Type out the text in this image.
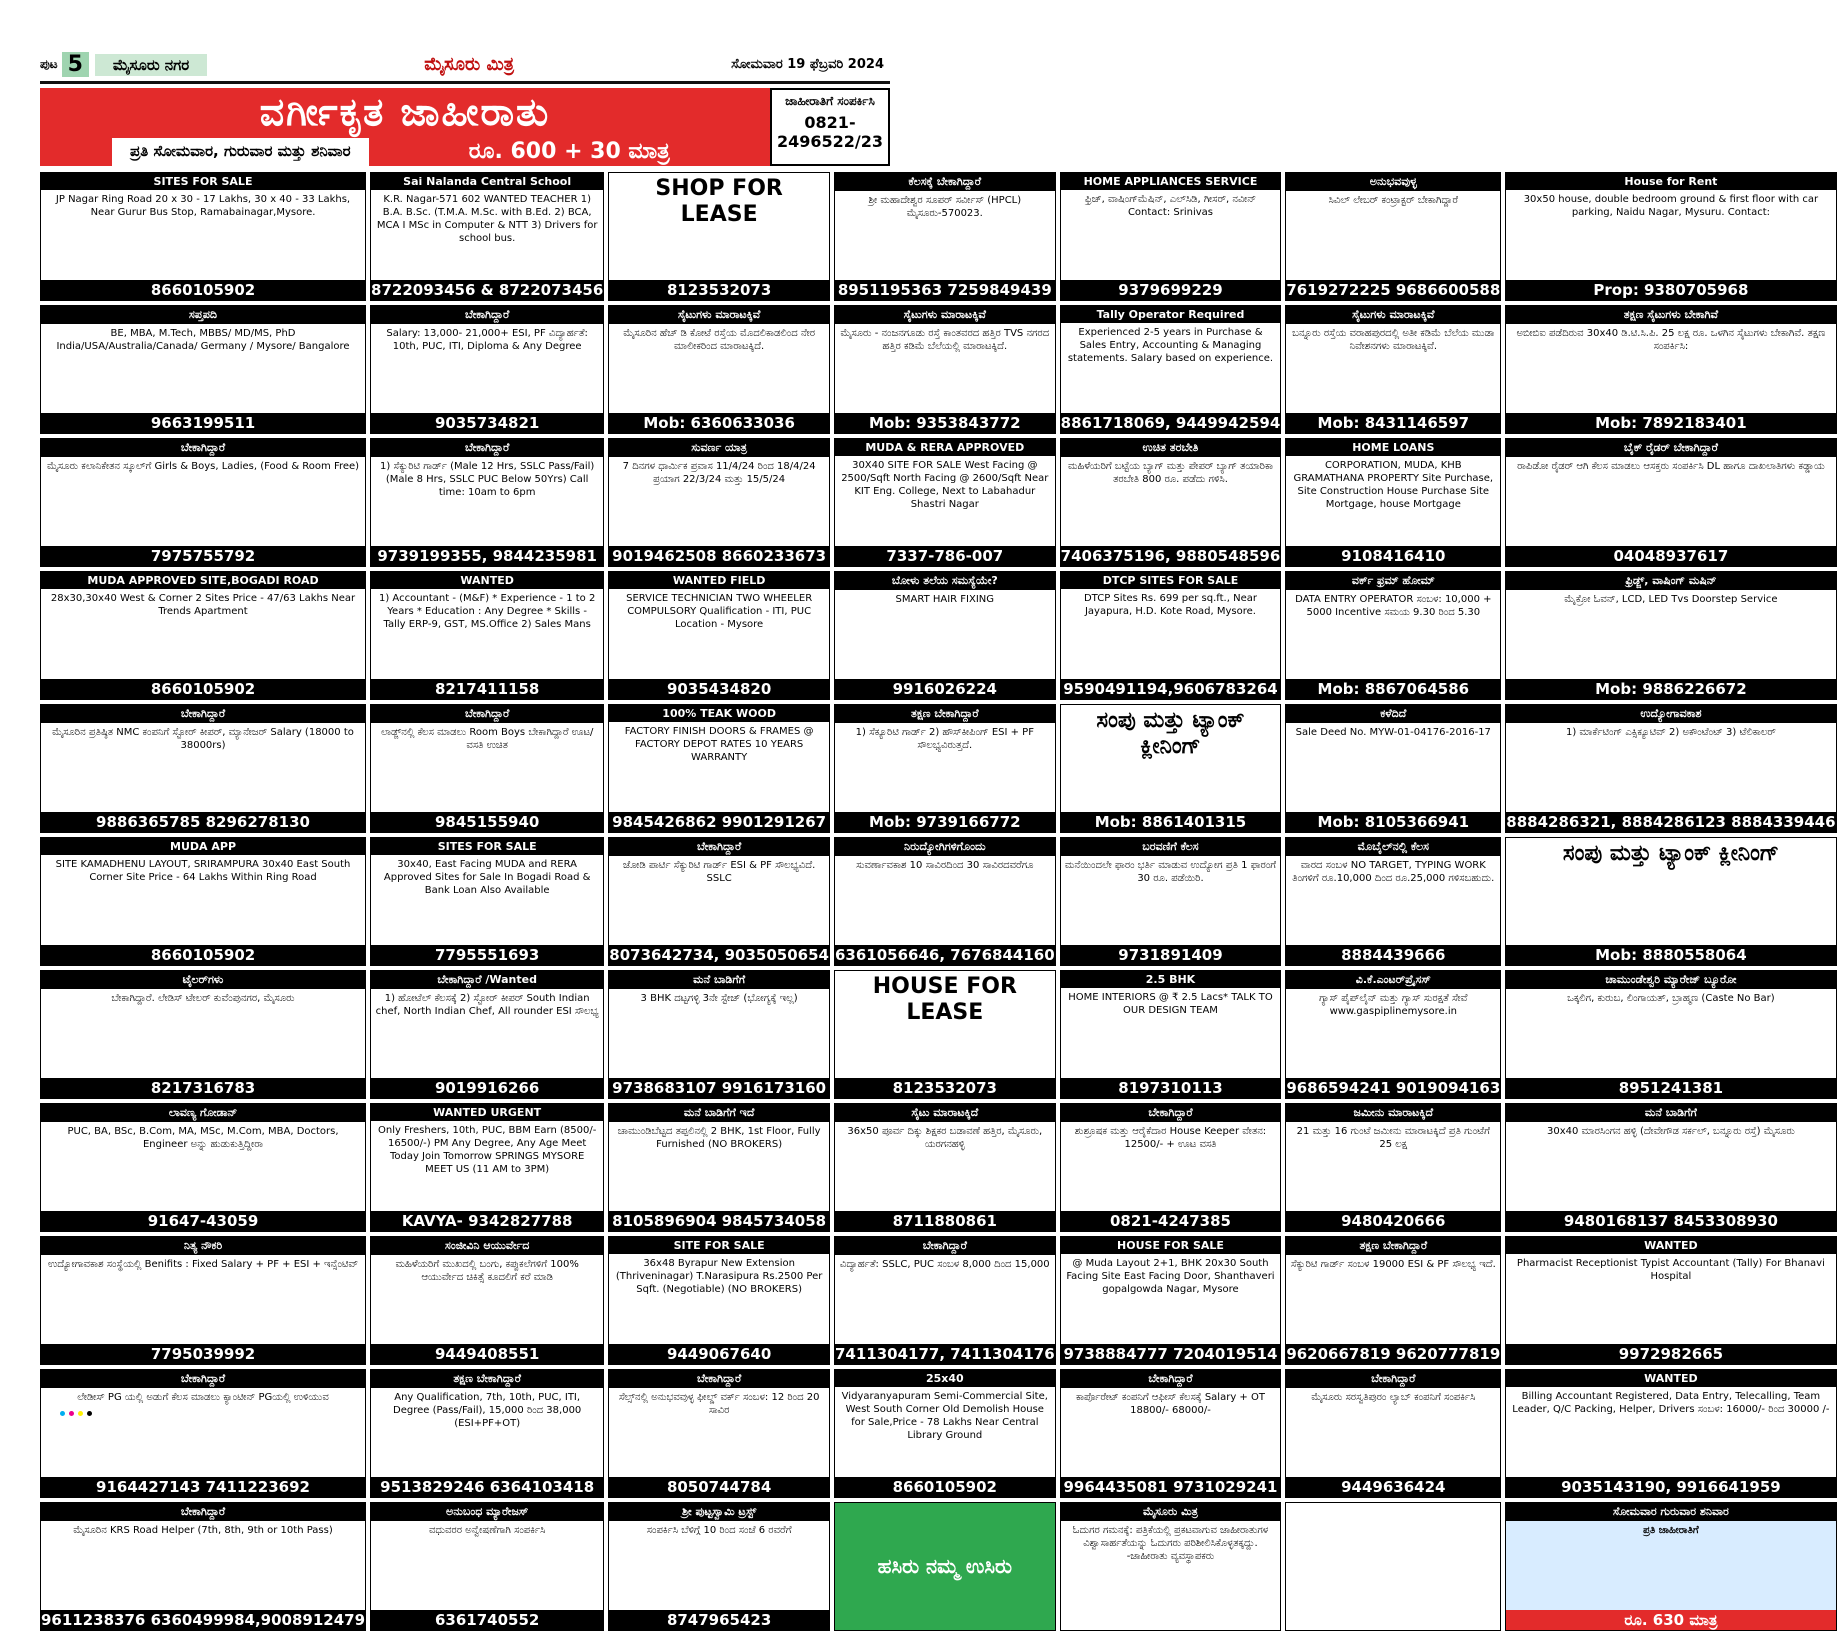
ಪುಟ 5	ಮೈಸೂರು ನಗರ	ಮೈಸೂರು ಮಿತ್ರ	ಸೋಮವಾರ 19 ಫೆಬ್ರವರಿ 2024
ವರ್ಗೀಕೃತ ಜಾಹೀರಾತು
ಪ್ರತಿ ಸೋಮವಾರ, ಗುರುವಾರ ಮತ್ತು ಶನಿವಾರ	ರೂ. 600 + 30 ಮಾತ್ರ
ಜಾಹೀರಾತಿಗೆ ಸಂಪರ್ಕಿಸಿ
0821-2496522/23
SITES FOR SALE
JP Nagar Ring Road 20 x 30 - 17 Lakhs, 30 x 40 - 33 Lakhs, Near Gurur Bus Stop, Ramabainagar,Mysore.
8660105902
Sai Nalanda Central School
K.R. Nagar-571 602 WANTED TEACHER 1) B.A. B.Sc. (T.M.A. M.Sc. with B.Ed. 2) BCA, MCA I MSc in Computer & NTT 3) Drivers for school bus.
8722093456 & 8722073456
SHOP FOR LEASE
8123532073
ಕೆಲಸಕ್ಕೆ ಬೇಕಾಗಿದ್ದಾರೆ
ಶ್ರೀ ಮಹಾದೇಶ್ವರ ಸೂಪರ್ ಸರ್ವೀಸ್ (HPCL) ಮೈಸೂರು-570023.
8951195363 7259849439
HOME APPLIANCES SERVICE
ಫ್ರಿಜ್, ವಾಷಿಂಗ್‌ಮೆಷಿನ್, ಎಲ್‌ಸಿಡಿ, ಗೀಸರ್, ನವೀನ್ Contact: Srinivas
9379699229
ಅನುಭವವುಳ್ಳ
ಸಿವಿಲ್ ಲೇಬರ್ ಕಂಟ್ರಾಕ್ಟರ್ ಬೇಕಾಗಿದ್ದಾರೆ
7619272225 9686600588
House for Rent
30x50 house, double bedroom ground & first floor with car parking, Naidu Nagar, Mysuru. Contact:
Prop: 9380705968
ಸಪ್ತಪದಿ
BE, MBA, M.Tech, MBBS/ MD/MS, PhD India/USA/Australia/Canada/ Germany / Mysore/ Bangalore
9663199511
ಬೇಕಾಗಿದ್ದಾರೆ
Salary: 13,000- 21,000+ ESI, PF ವಿದ್ಯಾರ್ಹತೆ: 10th, PUC, ITI, Diploma & Any Degree
9035734821
ಸೈಟುಗಳು ಮಾರಾಟಕ್ಕಿವೆ
ಮೈಸೂರಿನ ಹೆಚ್ ಡಿ ಕೋಟೆ ರಸ್ತೆಯ ಮೊದಲಿಕಾಡಲಿಂದ ನೇರ ಮಾಲೀಕರಿಂದ ಮಾರಾಟಕ್ಕಿದೆ.
Mob: 6360633036
ಸೈಟುಗಳು ಮಾರಾಟಕ್ಕಿವೆ
ಮೈಸೂರು - ನಂಜನಗೂಡು ರಸ್ತೆ ಕಾಂತವರದ ಹತ್ತಿರ TVS ನಗರದ ಹತ್ತಿರ ಕಡಿಮೆ ಬೆಲೆಯಲ್ಲಿ ಮಾರಾಟಕ್ಕಿದೆ.
Mob: 9353843772
Tally Operator Required
Experienced 2-5 years in Purchase & Sales Entry, Accounting & Managing statements. Salary based on experience.
8861718069, 9449942594
ಸೈಟುಗಳು ಮಾರಾಟಕ್ಕಿವೆ
ಬನ್ನೂರು ರಸ್ತೆಯ ವರಾಹಪುರದಲ್ಲಿ ಅತೀ ಕಡಿಮೆ ಬೆಲೆಯ ಮುಡಾ ನಿವೇಶನಗಳು ಮಾರಾಟಕ್ಕಿವೆ.
Mob: 8431146597
ತಕ್ಷಣ ಸೈಟುಗಳು ಬೇಕಾಗಿವೆ
ಅಬೀಬಿಐ ಪಡೆದಿರುವ 30x40 ಡಿ.ಟಿ.ಸಿ.ಪಿ. 25 ಲಕ್ಷ ರೂ. ಒಳಗಿನ ಸೈಟುಗಳು ಬೇಕಾಗಿವೆ. ತಕ್ಷಣ ಸಂಪರ್ಕಿಸಿ:
Mob: 7892183401
ಬೇಕಾಗಿದ್ದಾರೆ
ಮೈಸೂರು ಕಲಾನಿಕೇತನ ಸ್ಕೂಲ್‌ಗೆ Girls & Boys, Ladies, (Food & Room Free)
7975755792
ಬೇಕಾಗಿದ್ದಾರೆ
1) ಸೆಕ್ಯುರಿಟಿ ಗಾರ್ಡ್ (Male 12 Hrs, SSLC Pass/Fail) (Male 8 Hrs, SSLC PUC Below 50Yrs) Call time: 10am to 6pm
9739199355, 9844235981
ಸುವರ್ಣ ಯಾತ್ರ
7 ದಿನಗಳ ಧಾರ್ಮಿಕ ಪ್ರವಾಸ 11/4/24 ರಿಂದ 18/4/24 ಪ್ರಯಾಗ 22/3/24 ಮತ್ತು 15/5/24
9019462508 8660233673
MUDA & RERA APPROVED
30X40 SITE FOR SALE West Facing @ 2500/Sqft North Facing @ 2600/Sqft Near KIT Eng. College, Next to Labahadur Shastri Nagar
7337-786-007
ಉಚಿತ ತರಬೇತಿ
ಮಹಿಳೆಯರಿಗೆ ಬಟ್ಟೆಯ ಬ್ಯಾಗ್ ಮತ್ತು ಪೇಪರ್ ಬ್ಯಾಗ್ ತಯಾರಿಕಾ ತರಬೇತಿ 800 ರೂ. ಪಡೆದು ಗಳಿಸಿ.
7406375196, 9880548596
HOME LOANS
CORPORATION, MUDA, KHB GRAMATHANA PROPERTY Site Purchase, Site Construction House Purchase Site Mortgage, house Mortgage
9108416410
ಬೈಕ್ ರೈಡರ್ ಬೇಕಾಗಿದ್ದಾರೆ
ರಾಪಿಡೋ ರೈಡರ್ ಆಗಿ ಕೆಲಸ ಮಾಡಲು ಆಸಕ್ತರು ಸಂಪರ್ಕಿಸಿ DL ಹಾಗೂ ದಾಖಲಾತಿಗಳು ಕಡ್ಡಾಯ
04048937617
MUDA APPROVED SITE,BOGADI ROAD
28x30,30x40 West & Corner 2 Sites Price - 47/63 Lakhs Near Trends Apartment
8660105902
WANTED
1) Accountant - (M&F) * Experience - 1 to 2 Years * Education : Any Degree * Skills - Tally ERP-9, GST, MS.Office 2) Sales Mans
8217411158
WANTED FIELD
SERVICE TECHNICIAN TWO WHEELER COMPULSORY Qualification - ITI, PUC Location - Mysore
9035434820
ಬೋಳು ತಲೆಯ ಸಮಸ್ಯೆಯೇ?
SMART HAIR FIXING
9916026224
DTCP SITES FOR SALE
DTCP Sites Rs. 699 per sq.ft., Near Jayapura, H.D. Kote Road, Mysore.
9590491194,9606783264
ವರ್ಕ್ ಫ್ರಮ್ ಹೋಮ್
DATA ENTRY OPERATOR ಸಂಬಳ: 10,000 + 5000 Incentive ಸಮಯ 9.30 ರಿಂದ 5.30
Mob: 8867064586
ಫ್ರಿಡ್ಜ್, ವಾಷಿಂಗ್ ಮಷಿನ್
ಮೈಕ್ರೋ ಓವನ್, LCD, LED Tvs Doorstep Service
Mob: 9886226672
ಬೇಕಾಗಿದ್ದಾರೆ
ಮೈಸೂರಿನ ಪ್ರತಿಷ್ಠಿತ NMC ಕಂಪನಿಗೆ ಸ್ಟೋರ್ ಕೀಪರ್, ಮ್ಯಾನೇಜರ್ Salary (18000 to 38000rs)
9886365785 8296278130
ಬೇಕಾಗಿದ್ದಾರೆ
ಲಾಡ್ಜ್‌ನಲ್ಲಿ ಕೆಲಸ ಮಾಡಲು Room Boys ಬೇಕಾಗಿದ್ದಾರೆ ಊಟ/ವಸತಿ ಉಚಿತ
9845155940
100% TEAK WOOD
FACTORY FINISH DOORS & FRAMES @ FACTORY DEPOT RATES 10 YEARS WARRANTY
9845426862 9901291267
ತಕ್ಷಣ ಬೇಕಾಗಿದ್ದಾರೆ
1) ಸೆಕ್ಯೂರಿಟಿ ಗಾರ್ಡ್ 2) ಹೌಸ್‌ಕೀಪಿಂಗ್ ESI + PF ಸೌಲಭ್ಯವಿರುತ್ತದೆ.
Mob: 9739166772
ಸಂಪು ಮತ್ತು ಟ್ಯಾಂಕ್ ಕ್ಲೀನಿಂಗ್
Mob: 8861401315
ಕಳೆದಿದೆ
Sale Deed No. MYW-01-04176-2016-17
Mob: 8105366941
ಉದ್ಯೋಗಾವಕಾಶ
1) ಮಾರ್ಕೆಟಿಂಗ್ ಎಕ್ಸಿಕ್ಯೂಟಿವ್ 2) ಅಕೌಂಟೆಂಟ್ 3) ಟೆಲಿಕಾಲರ್
8884286321, 8884286123 8884339446
MUDA APP
SITE KAMADHENU LAYOUT, SRIRAMPURA 30x40 East South Corner Site Price - 64 Lakhs Within Ring Road
8660105902
SITES FOR SALE
30x40, East Facing MUDA and RERA Approved Sites for Sale In Bogadi Road & Bank Loan Also Available
7795551693
ಬೇಕಾಗಿದ್ದಾರೆ
ಜೋಡಿ ಪಾರ್ಟಿ ಸೆಕ್ಯುರಿಟಿ ಗಾರ್ಡ್ ESI & PF ಸೌಲಭ್ಯವಿದೆ. SSLC
8073642734, 9035050654
ನಿರುದ್ಯೋಗಿಗಳಿಗೊಂದು
ಸುವರ್ಣಾವಕಾಶ 10 ಸಾವಿರದಿಂದ 30 ಸಾವಿರದವರೆಗೂ
6361056646, 7676844160
ಬರವಣಿಗೆ ಕೆಲಸ
ಮನೆಯಿಂದಲೇ ಫಾರಂ ಭರ್ತಿ ಮಾಡುವ ಉದ್ಯೋಗ ಪ್ರತಿ 1 ಫಾರಂಗೆ 30 ರೂ. ಪಡೆಯಿರಿ.
9731891409
ಮೊಬೈಲ್‌ನಲ್ಲಿ ಕೆಲಸ
ವಾರದ ಸಂಬಳ NO TARGET, TYPING WORK ತಿಂಗಳಿಗೆ ರೂ.10,000 ದಿಂದ ರೂ.25,000 ಗಳಿಸಬಹುದು.
8884439666
ಸಂಪು ಮತ್ತು ಟ್ಯಾಂಕ್ ಕ್ಲೀನಿಂಗ್
Mob: 8880558064
ಟೈಲರ್‌ಗಳು
ಬೇಕಾಗಿದ್ದಾರೆ. ಲೇಡಿಸ್ ಟೇಲರ್ ಕುವೆಂಪುನಗರ, ಮೈಸೂರು
8217316783
ಬೇಕಾಗಿದ್ದಾರೆ /Wanted
1) ಹೋಟೆಲ್ ಕೆಲಸಕ್ಕೆ 2) ಸ್ಟೋರ್ ಕೀಪರ್ South Indian chef, North Indian Chef, All rounder ESI ಸೌಲಭ್ಯ
9019916266
ಮನೆ ಬಾಡಿಗೆಗೆ
3 BHK ದಟ್ಟಗಳ್ಳಿ 3ನೇ ಸ್ಟೇಜ್ (ಭೋಗ್ಯಕ್ಕೆ ಇಲ್ಲ)
9738683107 9916173160
HOUSE FOR LEASE
8123532073
2.5 BHK
HOME INTERIORS @ ₹ 2.5 Lacs* TALK TO OUR DESIGN TEAM
8197310113
ವಿ.ಕೆ.ಎಂಟರ್‌ಪ್ರೈಸಸ್
ಗ್ಯಾಸ್ ಪೈಪ್‌ಲೈನ್ ಮತ್ತು ಗ್ಯಾಸ್ ಸುರಕ್ಷತೆ ಸೇವೆ www.gaspiplinemysore.in
9686594241 9019094163
ಚಾಮುಂಡೇಶ್ವರಿ ಮ್ಯಾರೇಜ್ ಬ್ಯೂರೋ
ಒಕ್ಕಲಿಗ, ಕುರುಬ, ಲಿಂಗಾಯತ್, ಬ್ರಾಹ್ಮಣ (Caste No Bar)
8951241381
ಲಾವಣ್ಯ ಗೋಡಾನ್
PUC, BA, BSc, B.Com, MA, MSc, M.Com, MBA, Doctors, Engineer ಅನ್ನು ಹುಡುಕುತ್ತಿದ್ದೀರಾ
91647-43059
WANTED URGENT
Only Freshers, 10th, PUC, BBM Earn (8500/- 16500/-) PM Any Degree, Any Age Meet Today Join Tomorrow SPRINGS MYSORE MEET US (11 AM to 3PM)
KAVYA- 9342827788
ಮನೆ ಬಾಡಿಗೆಗೆ ಇದೆ
ಚಾಮುಂಡಿಬೆಟ್ಟದ ತಪ್ಪಲಿನಲ್ಲಿ 2 BHK, 1st Floor, Fully Furnished (NO BROKERS)
8105896904 9845734058
ಸೈಟು ಮಾರಾಟಕ್ಕಿದೆ
36x50 ಪೂರ್ವ ದಿಕ್ಕು ಶಿಕ್ಷಕರ ಬಡಾವಣೆ ಹತ್ತಿರ, ಮೈಸೂರು, ಯರಗನಹಳ್ಳಿ
8711880861
ಬೇಕಾಗಿದ್ದಾರೆ
ಶುಶ್ರೂಷಕ ಮತ್ತು ಆರೈಕೆದಾರ House Keeper ವೇತನ: 12500/- + ಊಟ ವಸತಿ
0821-4247385
ಜಮೀನು ಮಾರಾಟಕ್ಕಿದೆ
21 ಮತ್ತು 16 ಗುಂಟೆ ಜಮೀನು ಮಾರಾಟಕ್ಕಿದೆ ಪ್ರತಿ ಗುಂಟೆಗೆ 25 ಲಕ್ಷ
9480420666
ಮನೆ ಬಾಡಿಗೆಗೆ
30x40 ಮಾರಸಿಂಗನ ಹಳ್ಳಿ (ದೇವೇಗೌಡ ಸರ್ಕಲ್, ಬನ್ನೂರು ರಸ್ತೆ) ಮೈಸೂರು
9480168137 8453308930
ನಿತ್ಯ ನೌಕರಿ
ಉದ್ಯೋಗಾವಕಾಶ ಸಂಸ್ಥೆಯಲ್ಲಿ Benifits : Fixed Salary + PF + ESI + ಇನ್ಸೆಂಟಿವ್
7795039992
ಸಂಜೀವಿನಿ ಆಯುರ್ವೇದ
ಮಹಿಳೆಯರಿಗೆ ಮುಖದಲ್ಲಿ ಬಂಗು, ಕಪ್ಪುಕಲೆಗಳಿಗೆ 100% ಆಯುರ್ವೇದ ಚಿಕಿತ್ಸೆ ಕೂದಲಿಗೆ ಕರೆ ಮಾಡಿ
9449408551
SITE FOR SALE
36x48 Byrapur New Extension (Thriveninagar) T.Narasipura Rs.2500 Per Sqft. (Negotiable) (NO BROKERS)
9449067640
ಬೇಕಾಗಿದ್ದಾರೆ
ವಿದ್ಯಾರ್ಹತೆ: SSLC, PUC ಸಂಬಳ 8,000 ದಿಂದ 15,000
7411304177, 7411304176
HOUSE FOR SALE
@ Muda Layout 2+1, BHK 20x30 South Facing Site East Facing Door, Shanthaveri gopalgowda Nagar, Mysore
9738884777 7204019514
ತಕ್ಷಣ ಬೇಕಾಗಿದ್ದಾರೆ
ಸೆಕ್ಯುರಿಟಿ ಗಾರ್ಡ್ ಸಂಬಳ 19000 ESI & PF ಸೌಲಭ್ಯ ಇದೆ.
9620667819 9620777819
WANTED
Pharmacist Receptionist Typist Accountant (Tally) For Bhanavi Hospital
9972982665
ಬೇಕಾಗಿದ್ದಾರೆ
ಲೇಡೀಸ್ PG ಯಲ್ಲಿ ಅಡುಗೆ ಕೆಲಸ ಮಾಡಲು ಕ್ಯಾಂಟೀನ್ PGಯಲ್ಲಿ ಉಳಿಯುವ
9164427143 7411223692
ತಕ್ಷಣ ಬೇಕಾಗಿದ್ದಾರೆ
Any Qualification, 7th, 10th, PUC, ITI, Degree (Pass/Fail), 15,000 ರಿಂದ 38,000 (ESI+PF+OT)
9513829246 6364103418
ಬೇಕಾಗಿದ್ದಾರೆ
ಸೆಲ್ಸ್‌ನಲ್ಲಿ ಅನುಭವವುಳ್ಳ ಫೀಲ್ಡ್ ವರ್ಕ್ ಸಂಬಳ: 12 ರಿಂದ 20 ಸಾವಿರ
8050744784
25x40
Vidyaranyapuram Semi-Commercial Site, West South Corner Old Demolish House for Sale,Price - 78 Lakhs Near Central Library Ground
8660105902
ಬೇಕಾಗಿದ್ದಾರೆ
ಕಾರ್ಪೊರೇಟ್ ಕಂಪನಿಗೆ ಆಫೀಸ್ ಕೆಲಸಕ್ಕೆ Salary + OT 18800/- 68000/-
9964435081 9731029241
ಬೇಕಾಗಿದ್ದಾರೆ
ಮೈಸೂರು ಸರಸ್ವತಿಪುರಂ ಲ್ಯಾಬ್ ಕಂಪನಿಗೆ ಸಂಪರ್ಕಿಸಿ
9449636424
WANTED
Billing Accountant Registered, Data Entry, Telecalling, Team Leader, Q/C Packing, Helper, Drivers ಸಂಬಳ: 16000/- ರಿಂದ 30000 /-
9035143190, 9916641959
ಬೇಕಾಗಿದ್ದಾರೆ
ಮೈಸೂರಿನ KRS Road Helper (7th, 8th, 9th or 10th Pass)
9611238376 6360499984,9008912479
ಅನುಬಂಧ ಮ್ಯಾರೇಜಸ್
ವಧುವರರ ಅನ್ವೇಷಣೆಗಾಗಿ ಸಂಪರ್ಕಿಸಿ
6361740552
ಶ್ರೀ ಪುಟ್ಟಸ್ವಾಮಿ ಟ್ರಸ್ಟ್
ಸಂಪರ್ಕಿಸಿ ಬೆಳಿಗ್ಗೆ 10 ರಿಂದ ಸಂಜೆ 6 ರವರೆಗೆ
8747965423
ಹಸಿರು ನಮ್ಮ ಉಸಿರು
ಮೈಸೂರು ಮಿತ್ರ
ಓದುಗರ ಗಮನಕ್ಕೆ: ಪತ್ರಿಕೆಯಲ್ಲಿ ಪ್ರಕಟವಾಗುವ ಜಾಹೀರಾತುಗಳ ವಿಶ್ವಾಸಾರ್ಹತೆಯನ್ನು ಓದುಗರು ಪರಿಶೀಲಿಸಿಕೊಳ್ಳತಕ್ಕದ್ದು. -ಜಾಹೀರಾತು ವ್ಯವಸ್ಥಾಪಕರು
ಸೋಮವಾರ ಗುರುವಾರ ಶನಿವಾರ
ಪ್ರತಿ ಜಾಹೀರಾತಿಗೆ
ರೂ. 630 ಮಾತ್ರ
